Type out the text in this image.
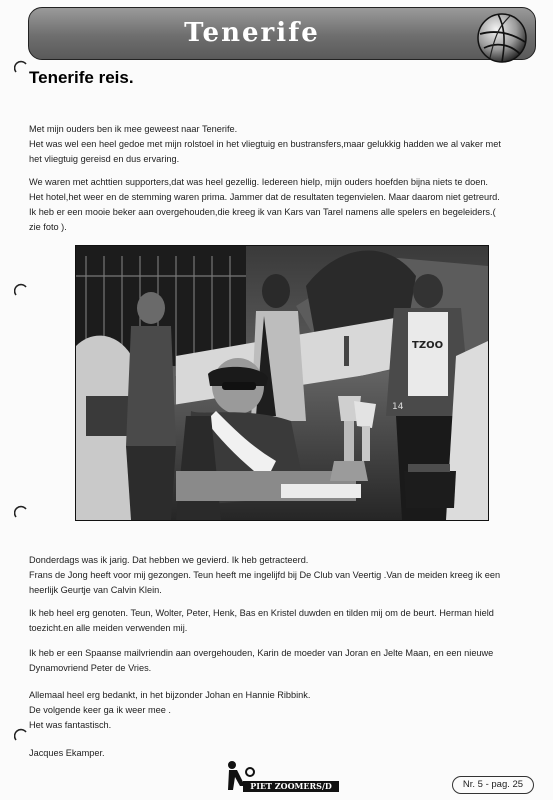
Tenerife
Tenerife reis.
Met mijn ouders ben ik mee geweest naar Tenerife.
Het was wel een heel gedoe met mijn rolstoel in het vliegtuig en bustransfers,maar gelukkig hadden we al vaker met
het vliegtuig gereisd en dus ervaring.
We waren met achttien supporters,dat was heel gezellig. Iedereen hielp, mijn ouders hoefden bijna niets te doen.
Het hotel,het weer en de stemming waren prima. Jammer dat de resultaten tegenvielen. Maar daarom niet getreurd.
Ik heb er een mooie beker aan overgehouden,die kreeg ik van Kars van Tarel namens alle spelers en begeleiders.(
zie foto ).
TZOO
14
Donderdags was ik jarig. Dat hebben we gevierd. Ik heb getracteerd.
Frans de Jong heeft voor mij gezongen. Teun heeft me ingelijfd bij De Club van Veertig .Van de meiden kreeg ik een
heerlijk Geurtje van Calvin Klein.
Ik heb heel erg genoten. Teun, Wolter, Peter, Henk, Bas en Kristel duwden en tilden mij om de beurt. Herman hield
toezicht.en alle meiden verwenden mij.
Ik heb er een Spaanse mailvriendin aan overgehouden, Karin de moeder van Joran en Jelte Maan, en een nieuwe
Dynamovriend Peter de Vries.
Allemaal heel erg bedankt, in het bijzonder Johan en Hannie Ribbink.
De volgende keer ga ik weer mee .
Het was fantastisch.
Jacques Ekamper.
PIET ZOOMERS/D	Nr. 5 - pag. 25
